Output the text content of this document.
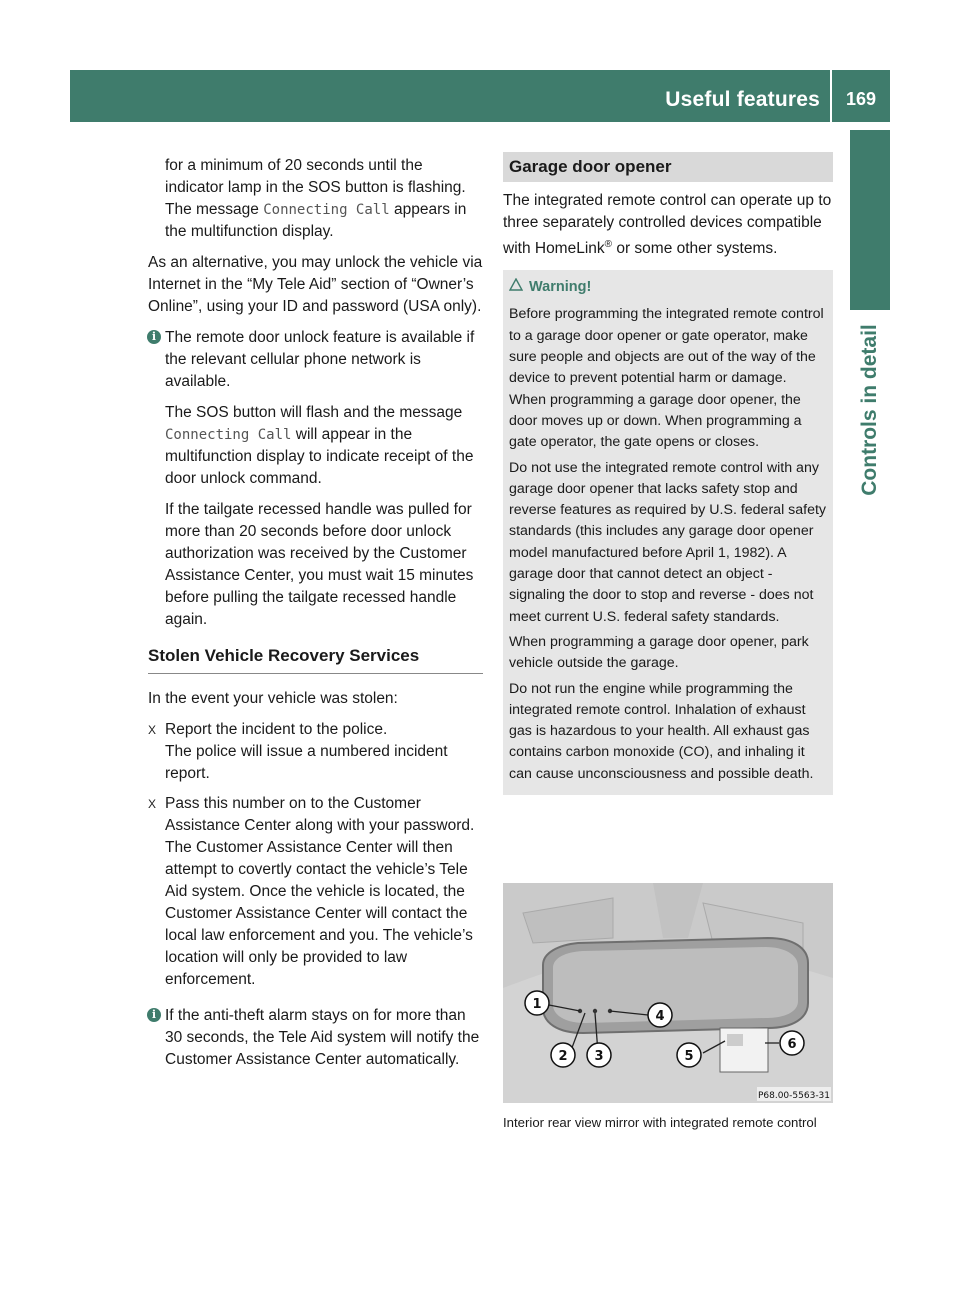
Useful features 169
Controls in detail

for a minimum of 20 seconds until the indicator lamp in the SOS button is flashing. The message Connecting Call appears in the multifunction display.

As an alternative, you may unlock the vehicle via Internet in the “My Tele Aid” section of “Owner’s Online”, using your ID and password (USA only).

i The remote door unlock feature is available if the relevant cellular phone network is available.

The SOS button will flash and the message Connecting Call will appear in the multifunction display to indicate receipt of the door unlock command.

If the tailgate recessed handle was pulled for more than 20 seconds before door unlock authorization was received by the Customer Assistance Center, you must wait 15 minutes before pulling the tailgate recessed handle again.

Stolen Vehicle Recovery Services

In the event your vehicle was stolen:

X Report the incident to the police.
The police will issue a numbered incident report.
X Pass this number on to the Customer Assistance Center along with your password.
The Customer Assistance Center will then attempt to covertly contact the vehicle’s Tele Aid system. Once the vehicle is located, the Customer Assistance Center will contact the local law enforcement and you. The vehicle’s location will only be provided to law enforcement.
i If the anti-theft alarm stays on for more than 30 seconds, the Tele Aid system will notify the Customer Assistance Center automatically.

Garage door opener

The integrated remote control can operate up to three separately controlled devices compatible with HomeLink® or some other systems.

Warning!

Before programming the integrated remote control to a garage door opener or gate operator, make sure people and objects are out of the way of the device to prevent potential harm or damage. When programming a garage door opener, the door moves up or down. When programming a gate operator, the gate opens or closes.

Do not use the integrated remote control with any garage door opener that lacks safety stop and reverse features as required by U.S. federal safety standards (this includes any garage door opener model manufactured before April 1, 1982). A garage door that cannot detect an object - signaling the door to stop and reverse - does not meet current U.S. federal safety standards.

When programming a garage door opener, park vehicle outside the garage.

Do not run the engine while programming the integrated remote control. Inhalation of exhaust gas is hazardous to your health. All exhaust gas contains carbon monoxide (CO), and inhaling it can cause unconsciousness and possible death.

1
2 3
4
5
6
P68.00-5563-31
Interior rear view mirror with integrated remote control
